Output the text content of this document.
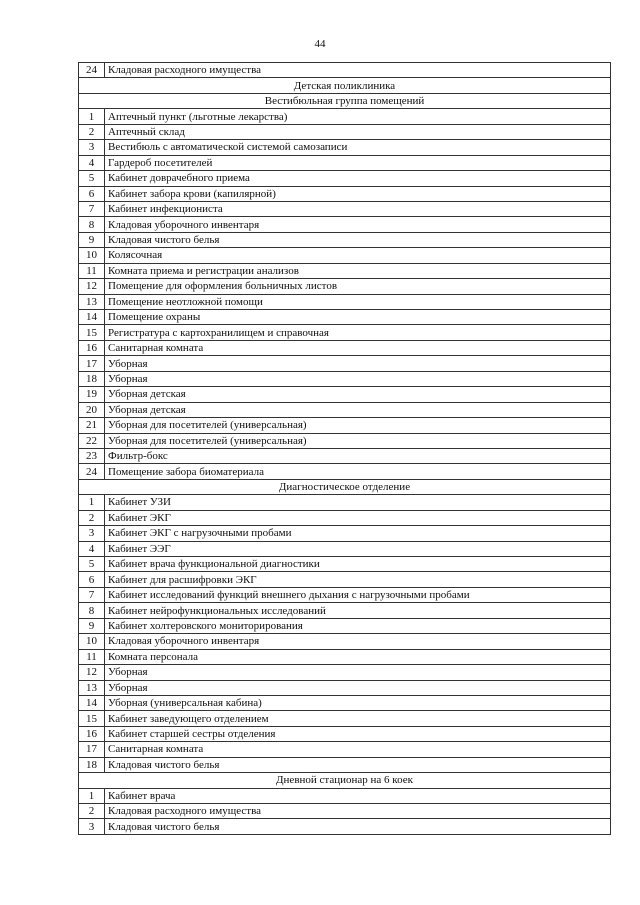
44
24	Кладовая расходного имущества
Детская поликлиника	
Вестибюльная группа помещений	
1	Аптечный пункт (льготные лекарства)
2	Аптечный склад
3	Вестибюль с автоматической системой самозаписи
4	Гардероб посетителей
5	Кабинет доврачебного приема
6	Кабинет забора крови (капилярной)
7	Кабинет инфекциониста
8	Кладовая уборочного инвентаря
9	Кладовая чистого белья
10	Колясочная
11	Комната приема и регистрации анализов
12	Помещение для оформления больничных листов
13	Помещение неотложной помощи
14	Помещение охраны
15	Регистратура с картохранилищем и справочная
16	Санитарная комната
17	Уборная
18	Уборная
19	Уборная детская
20	Уборная детская
21	Уборная для посетителей (универсальная)
22	Уборная для посетителей (универсальная)
23	Фильтр-бокс
24	Помещение забора биоматериала
Диагностическое отделение	
1	Кабинет УЗИ
2	Кабинет ЭКГ
3	Кабинет ЭКГ с нагрузочными пробами
4	Кабинет ЭЭГ
5	Кабинет врача функциональной диагностики
6	Кабинет для расшифровки ЭКГ
7	Кабинет исследований функций внешнего дыхания с нагрузочными пробами
8	Кабинет нейрофункциональных исследований
9	Кабинет холтеровского мониторирования
10	Кладовая уборочного инвентаря
11	Комната персонала
12	Уборная
13	Уборная
14	Уборная (универсальная кабина)
15	Кабинет заведующего отделением
16	Кабинет старшей сестры отделения
17	Санитарная комната
18	Кладовая чистого белья
Дневной стационар на 6 коек	
1	Кабинет врача
2	Кладовая расходного имущества
3	Кладовая чистого белья
